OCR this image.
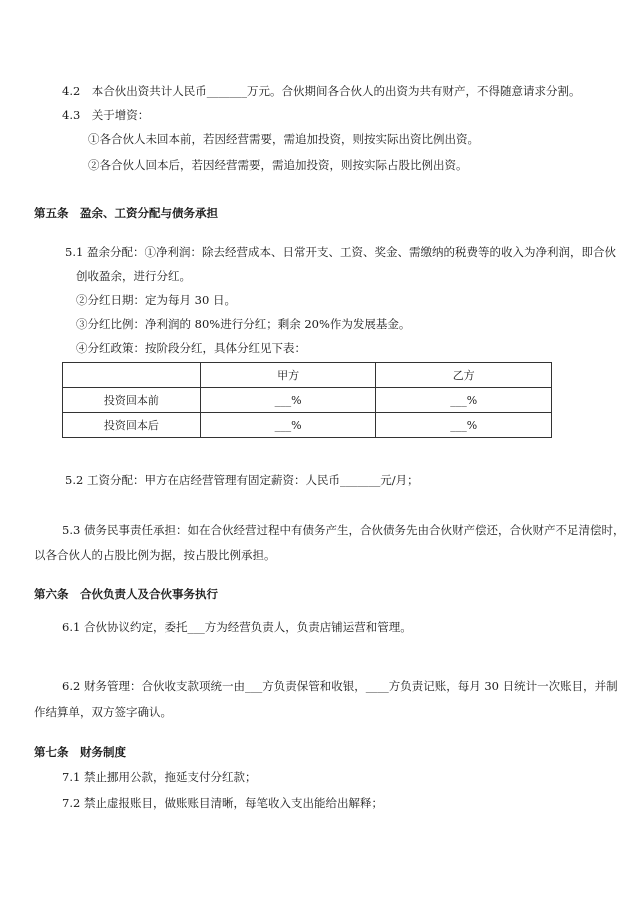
4.2　本合伙出资共计人民币_______万元。合伙期间各合伙人的出资为共有财产，不得随意请求分割。
4.3　关于增资：
①各合伙人未回本前，若因经营需要，需追加投资，则按实际出资比例出资。
②各合伙人回本后，若因经营需要，需追加投资，则按实际占股比例出资。
第五条　盈余、工资分配与债务承担
5.1 盈余分配：①净利润：除去经营成本、日常开支、工资、奖金、需缴纳的税费等的收入为净利润，即合伙
创收盈余，进行分红。
②分红日期：定为每月 30 日。
③分红比例：净利润的 80%进行分红；剩余 20%作为发展基金。
④分红政策：按阶段分红，具体分红见下表：
	甲方	乙方
投资回本前	___%	___%
投资回本后	___%	___%
5.2 工资分配：甲方在店经营管理有固定薪资：人民币_______元/月；
5.3 债务民事责任承担：如在合伙经营过程中有债务产生，合伙债务先由合伙财产偿还，合伙财产不足清偿时，
以各合伙人的占股比例为据，按占股比例承担。
第六条　合伙负责人及合伙事务执行
6.1 合伙协议约定，委托___方为经营负责人，负责店铺运营和管理。
6.2 财务管理：合伙收支款项统一由___方负责保管和收银，____方负责记账，每月 30 日统计一次账目，并制
作结算单，双方签字确认。
第七条　财务制度
7.1 禁止挪用公款，拖延支付分红款；
7.2 禁止虚报账目，做账账目清晰，每笔收入支出能给出解释；
